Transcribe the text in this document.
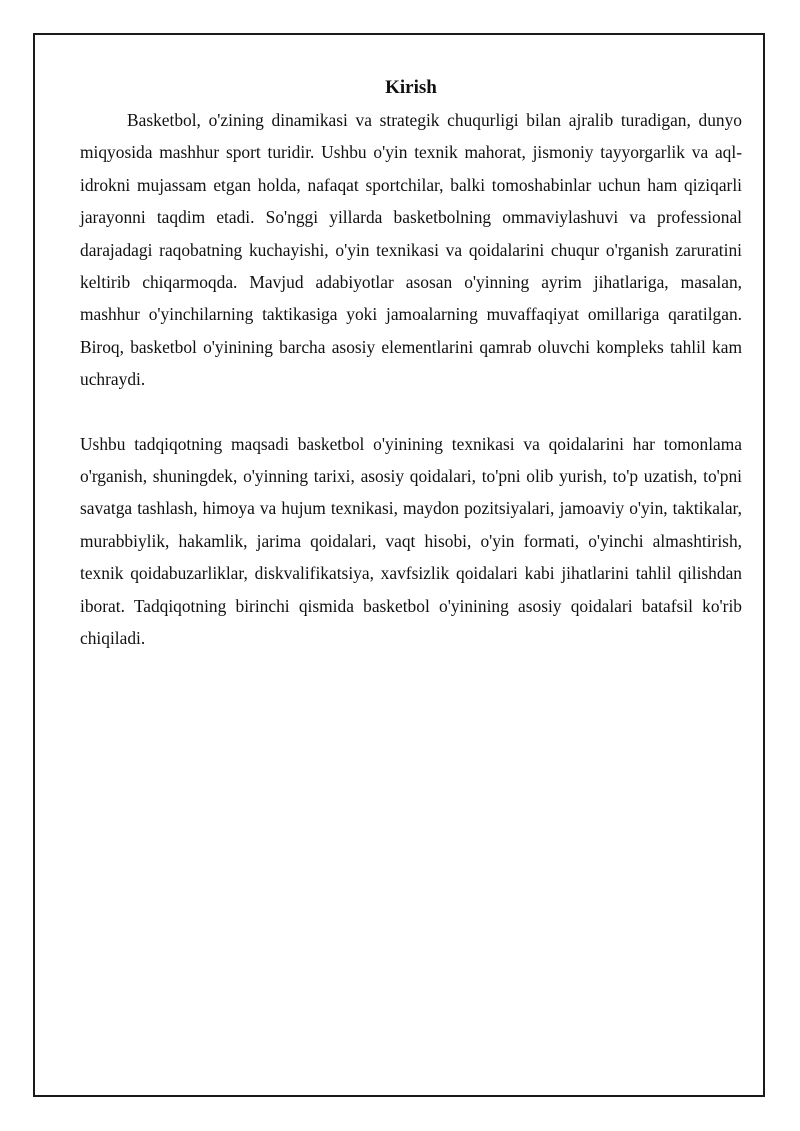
Kirish

Basketbol, o'zining dinamikasi va strategik chuqurligi bilan ajralib turadigan, dunyo miqyosida mashhur sport turidir. Ushbu o'yin texnik mahorat, jismoniy tayyorgarlik va aql-idrokni mujassam etgan holda, nafaqat sportchilar, balki tomoshabinlar uchun ham qiziqarli jarayonni taqdim etadi. So'nggi yillarda basketbolning ommaviylashuvi va professional darajadagi raqobatning kuchayishi, o'yin texnikasi va qoidalarini chuqur o'rganish zaruratini keltirib chiqarmoqda. Mavjud adabiyotlar asosan o'yinning ayrim jihatlariga, masalan, mashhur o'yinchilarning taktikasiga yoki jamoalarning muvaffaqiyat omillariga qaratilgan. Biroq, basketbol o'yinining barcha asosiy elementlarini qamrab oluvchi kompleks tahlil kam uchraydi.

Ushbu tadqiqotning maqsadi basketbol o'yinining texnikasi va qoidalarini har tomonlama o'rganish, shuningdek, o'yinning tarixi, asosiy qoidalari, to'pni olib yurish, to'p uzatish, to'pni savatga tashlash, himoya va hujum texnikasi, maydon pozitsiyalari, jamoaviy o'yin, taktikalar, murabbiylik, hakamlik, jarima qoidalari, vaqt hisobi, o'yin formati, o'yinchi almashtirish, texnik qoidabuzarliklar, diskvalifikatsiya, xavfsizlik qoidalari kabi jihatlarini tahlil qilishdan iborat. Tadqiqotning birinchi qismida basketbol o'yinining asosiy qoidalari batafsil ko'rib chiqiladi.
